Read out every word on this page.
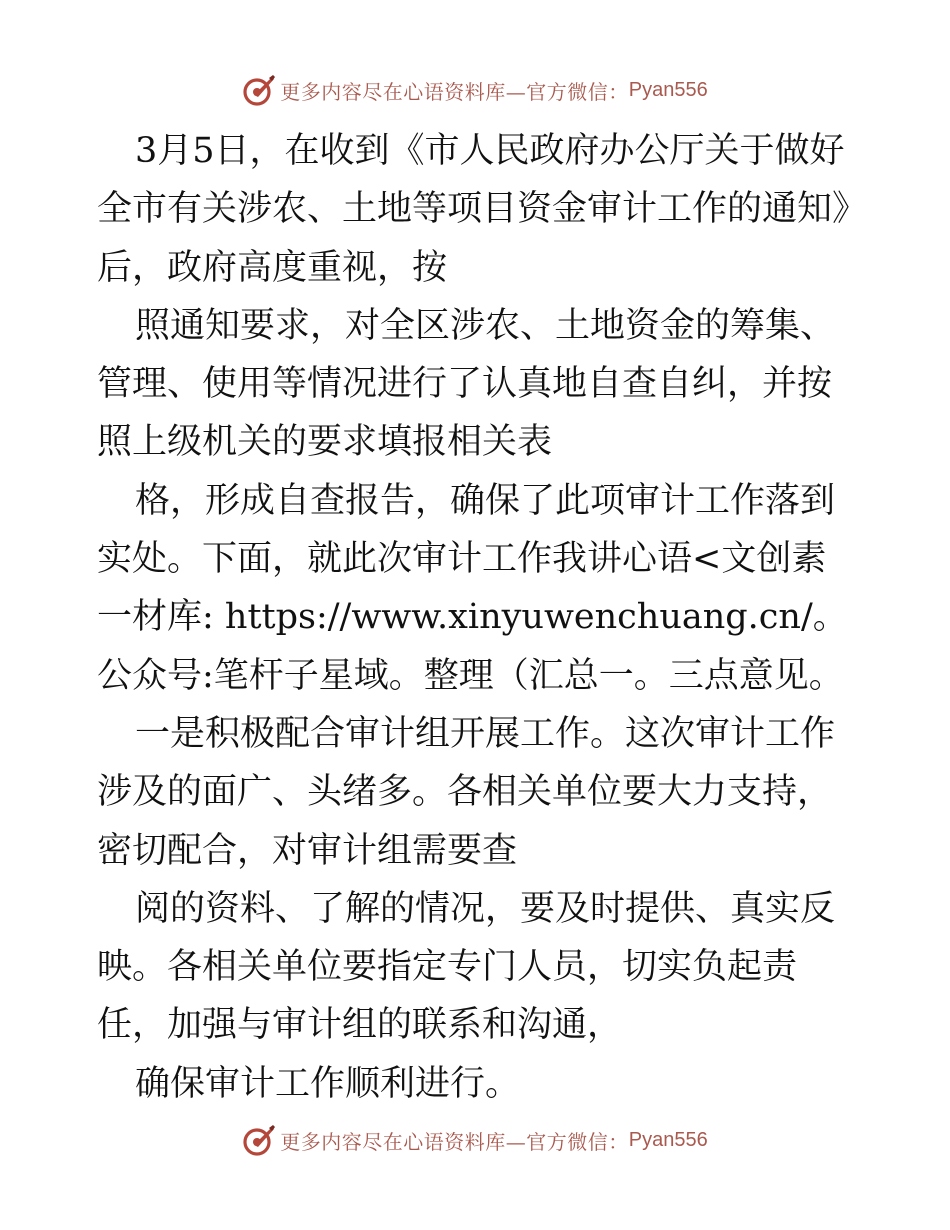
更多内容尽在心语资料库—官方微信： Pyan556

3月5日，在收到《市人民政府办公厅关于做好全市有关涉农、土地等项目资金审计工作的通知》后，政府高度重视，按

照通知要求，对全区涉农、土地资金的筹集、管理、使用等情况进行了认真地自查自纠，并按照上级机关的要求填报相关表

格，形成自查报告，确保了此项审计工作落到实处。下面，就此次审计工作我讲心语<文创素一材库: https://www.xinyuwenchuang.cn/。公众号:笔杆子星域。整理（汇总一。三点意见。

一是积极配合审计组开展工作。这次审计工作涉及的面广、头绪多。各相关单位要大力支持，密切配合，对审计组需要查

阅的资料、了解的情况，要及时提供、真实反映。各相关单位要指定专门人员，切实负起责任，加强与审计组的联系和沟通，

确保审计工作顺利进行。

更多内容尽在心语资料库—官方微信： Pyan556
